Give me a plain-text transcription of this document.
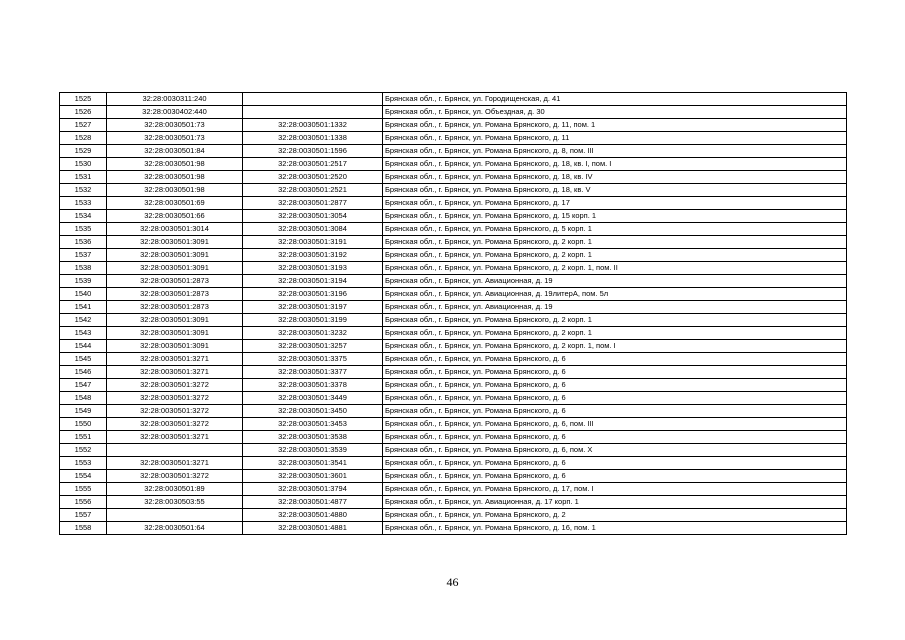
1525	32:28:0030311:240		Брянская обл., г. Брянск, ул. Городищенская, д. 41
1526	32:28:0030402:440		Брянская обл., г. Брянск, ул. Объездная, д. 30
1527	32:28:0030501:73	32:28:0030501:1332	Брянская обл., г. Брянск, ул. Романа Брянского, д. 11, пом. 1
1528	32:28:0030501:73	32:28:0030501:1338	Брянская обл., г. Брянск, ул. Романа Брянского, д. 11
1529	32:28:0030501:84	32:28:0030501:1596	Брянская обл., г. Брянск, ул. Романа Брянского, д. 8, пом. III
1530	32:28:0030501:98	32:28:0030501:2517	Брянская обл., г. Брянск, ул. Романа Брянского, д. 18, кв. I, пом. I
1531	32:28:0030501:98	32:28:0030501:2520	Брянская обл., г. Брянск, ул. Романа Брянского, д. 18, кв. IV
1532	32:28:0030501:98	32:28:0030501:2521	Брянская обл., г. Брянск, ул. Романа Брянского, д. 18, кв. V
1533	32:28:0030501:69	32:28:0030501:2877	Брянская обл., г. Брянск, ул. Романа Брянского, д. 17
1534	32:28:0030501:66	32:28:0030501:3054	Брянская обл., г. Брянск, ул. Романа Брянского, д. 15 корп. 1
1535	32:28:0030501:3014	32:28:0030501:3084	Брянская обл., г. Брянск, ул. Романа Брянского, д. 5 корп. 1
1536	32:28:0030501:3091	32:28:0030501:3191	Брянская обл., г. Брянск, ул. Романа Брянского, д. 2 корп. 1
1537	32:28:0030501:3091	32:28:0030501:3192	Брянская обл., г. Брянск, ул. Романа Брянского, д. 2 корп. 1
1538	32:28:0030501:3091	32:28:0030501:3193	Брянская обл., г. Брянск, ул. Романа Брянского, д. 2 корп. 1, пом. II
1539	32:28:0030501:2873	32:28:0030501:3194	Брянская обл., г. Брянск, ул. Авиационная, д. 19
1540	32:28:0030501:2873	32:28:0030501:3196	Брянская обл., г. Брянск, ул. Авиационная, д. 19литерА, пом. 5л
1541	32:28:0030501:2873	32:28:0030501:3197	Брянская обл., г. Брянск, ул. Авиационная, д. 19
1542	32:28:0030501:3091	32:28:0030501:3199	Брянская обл., г. Брянск, ул. Романа Брянского, д. 2 корп. 1
1543	32:28:0030501:3091	32:28:0030501:3232	Брянская обл., г. Брянск, ул. Романа Брянского, д. 2 корп. 1
1544	32:28:0030501:3091	32:28:0030501:3257	Брянская обл., г. Брянск, ул. Романа Брянского, д. 2 корп. 1, пом. I
1545	32:28:0030501:3271	32:28:0030501:3375	Брянская обл., г. Брянск, ул. Романа Брянского, д. 6
1546	32:28:0030501:3271	32:28:0030501:3377	Брянская обл., г. Брянск, ул. Романа Брянского, д. 6
1547	32:28:0030501:3272	32:28:0030501:3378	Брянская обл., г. Брянск, ул. Романа Брянского, д. 6
1548	32:28:0030501:3272	32:28:0030501:3449	Брянская обл., г. Брянск, ул. Романа Брянского, д. 6
1549	32:28:0030501:3272	32:28:0030501:3450	Брянская обл., г. Брянск, ул. Романа Брянского, д. 6
1550	32:28:0030501:3272	32:28:0030501:3453	Брянская обл., г. Брянск, ул. Романа Брянского, д. 6, пом. III
1551	32:28:0030501:3271	32:28:0030501:3538	Брянская обл., г. Брянск, ул. Романа Брянского, д. 6
1552		32:28:0030501:3539	Брянская обл., г. Брянск, ул. Романа Брянского, д. 6, пом. X
1553	32:28:0030501:3271	32:28:0030501:3541	Брянская обл., г. Брянск, ул. Романа Брянского, д. 6
1554	32:28:0030501:3272	32:28:0030501:3601	Брянская обл., г. Брянск, ул. Романа Брянского, д. 6
1555	32:28:0030501:89	32:28:0030501:3794	Брянская обл., г. Брянск, ул. Романа Брянского, д. 17, пом. I
1556	32:28:0030503:55	32:28:0030501:4877	Брянская обл., г. Брянск, ул. Авиационная, д. 17 корп. 1
1557		32:28:0030501:4880	Брянская обл., г. Брянск, ул. Романа Брянского, д. 2
1558	32:28:0030501:64	32:28:0030501:4881	Брянская обл., г. Брянск, ул. Романа Брянского, д. 16, пом. 1
46
